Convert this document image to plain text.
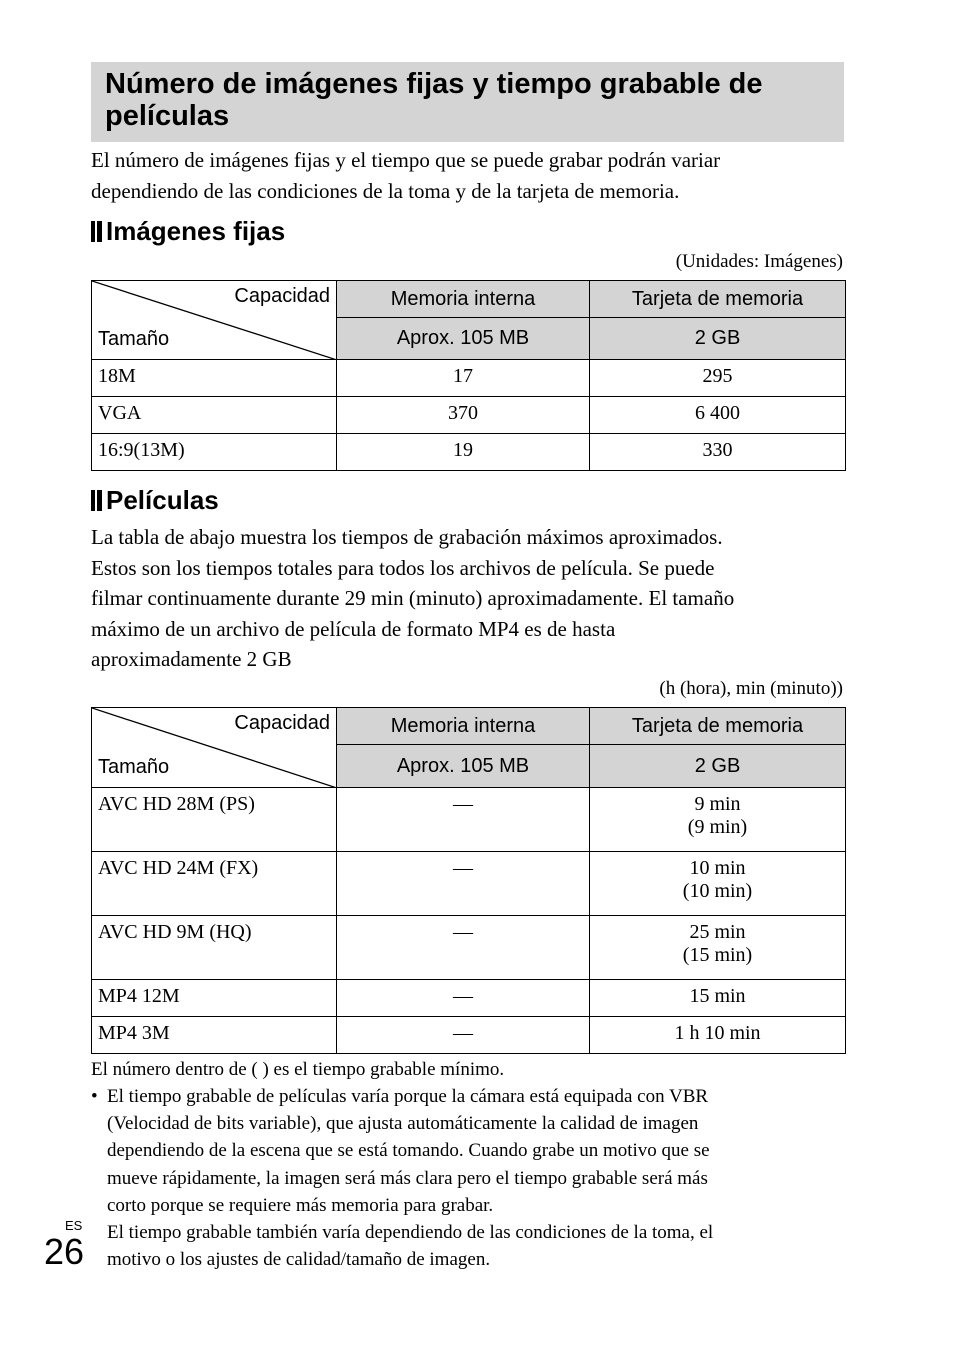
Número de imágenes fijas y tiempo grabable de películas

El número de imágenes fijas y el tiempo que se puede grabar podrán variar
dependiendo de las condiciones de la toma y de la tarjeta de memoria.

Imágenes fijas
(Unidades: Imágenes)
Capacidad
Tamaño	Memoria interna	Tarjeta de memoria
	Aprox. 105 MB	2 GB
18M	17	295
VGA	370	6 400
16:9(13M)	19	330
Películas

La tabla de abajo muestra los tiempos de grabación máximos aproximados.
Estos son los tiempos totales para todos los archivos de película. Se puede
filmar continuamente durante 29 min (minuto) aproximadamente. El tamaño
máximo de un archivo de película de formato MP4 es de hasta
aproximadamente 2 GB

(h (hora), min (minuto))
Capacidad
Tamaño	Memoria interna	Tarjeta de memoria
	Aprox. 105 MB	2 GB
AVC HD 28M (PS)	—	9 min
(9 min)

AVC HD 24M (FX)	—	10 min
(10 min)

AVC HD 9M (HQ)	—	25 min
(15 min)

MP4 12M	—	15 min
MP4 3M	—	1 h 10 min
El número dentro de ( ) es el tiempo grabable mínimo.
• El tiempo grabable de películas varía porque la cámara está equipada con VBR
(Velocidad de bits variable), que ajusta automáticamente la calidad de imagen
dependiendo de la escena que se está tomando. Cuando grabe un motivo que se
mueve rápidamente, la imagen será más clara pero el tiempo grabable será más
corto porque se requiere más memoria para grabar.
El tiempo grabable también varía dependiendo de las condiciones de la toma, el
motivo o los ajustes de calidad/tamaño de imagen.
ES
26
